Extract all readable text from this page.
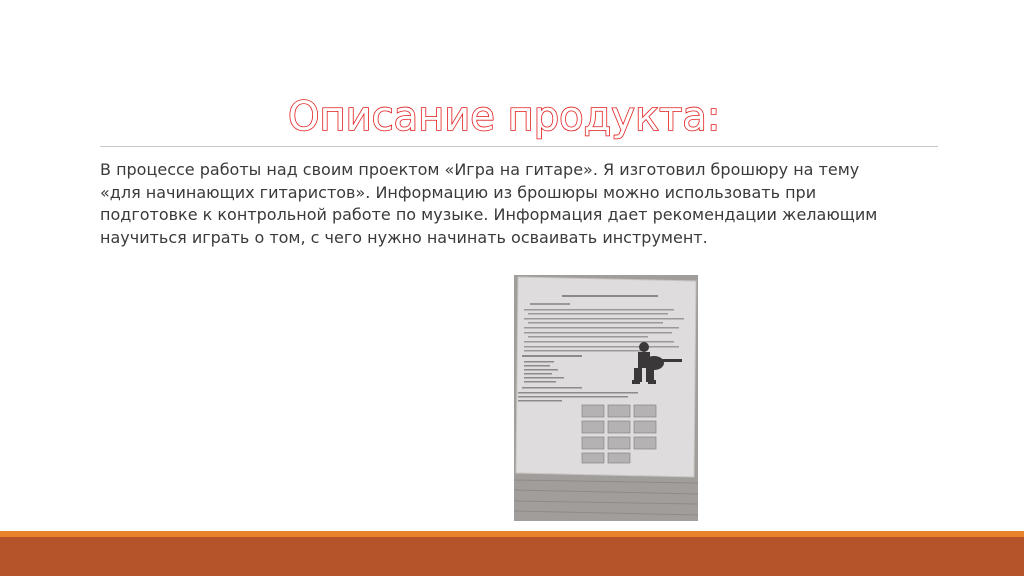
Описание продукта:

В процессе работы над своим проектом «Игра на гитаре». Я изготовил брошюру на тему
«для начинающих гитаристов». Информацию из брошюры можно использовать при
подготовке к контрольной работе по музыке. Информация дает рекомендации желающим
научиться играть о том, с чего нужно начинать осваивать инструмент.
